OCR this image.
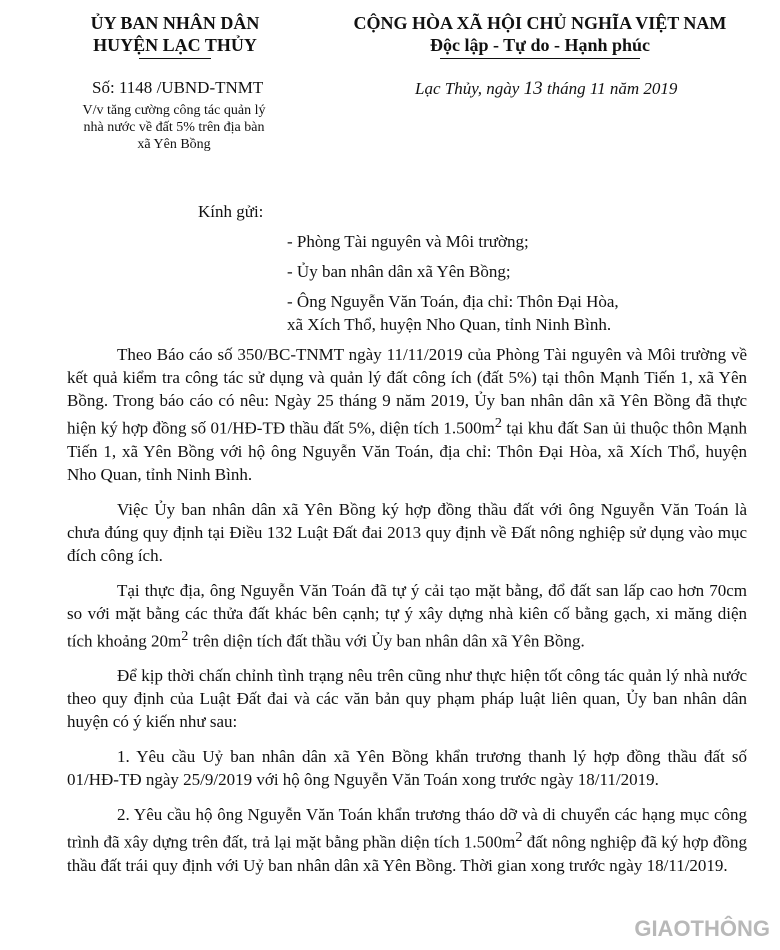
ỦY BAN NHÂN DÂN
HUYỆN LẠC THỦY
CỘNG HÒA XÃ HỘI CHỦ NGHĨA VIỆT NAM
Độc lập - Tự do - Hạnh phúc
Số: 1148 /UBND-TNMT
V/v tăng cường công tác quản lý
nhà nước về đất 5% trên địa bàn
xã Yên Bồng
Lạc Thủy, ngày 13 tháng 11 năm 2019
Kính gửi:
- Phòng Tài nguyên và Môi trường;
- Ủy ban nhân dân xã Yên Bồng;
- Ông Nguyễn Văn Toán, địa chỉ: Thôn Đại Hòa,
xã Xích Thổ, huyện Nho Quan, tỉnh Ninh Bình.

Theo Báo cáo số 350/BC-TNMT ngày 11/11/2019 của Phòng Tài nguyên và Môi trường về kết quả kiểm tra công tác sử dụng và quản lý đất công ích (đất 5%) tại thôn Mạnh Tiến 1, xã Yên Bồng. Trong báo cáo có nêu: Ngày 25 tháng 9 năm 2019, Ủy ban nhân dân xã Yên Bồng đã thực hiện ký hợp đồng số 01/HĐ-TĐ thầu đất 5%, diện tích $1.500m^2$ tại khu đất San ủi thuộc thôn Mạnh Tiến 1, xã Yên Bồng với hộ ông Nguyễn Văn Toán, địa chỉ: Thôn Đại Hòa, xã Xích Thổ, huyện Nho Quan, tỉnh Ninh Bình.

Việc Ủy ban nhân dân xã Yên Bồng ký hợp đồng thầu đất với ông Nguyễn Văn Toán là chưa đúng quy định tại Điều 132 Luật Đất đai 2013 quy định về Đất nông nghiệp sử dụng vào mục đích công ích.

Tại thực địa, ông Nguyễn Văn Toán đã tự ý cải tạo mặt bằng, đổ đất san lấp cao hơn 70cm so với mặt bằng các thửa đất khác bên cạnh; tự ý xây dựng nhà kiên cố bằng gạch, xi măng diện tích khoảng $20m^2$ trên diện tích đất thầu với Ủy ban nhân dân xã Yên Bồng.

Để kịp thời chấn chỉnh tình trạng nêu trên cũng như thực hiện tốt công tác quản lý nhà nước theo quy định của Luật Đất đai và các văn bản quy phạm pháp luật liên quan, Ủy ban nhân dân huyện có ý kiến như sau:

1. Yêu cầu Uỷ ban nhân dân xã Yên Bồng khẩn trương thanh lý hợp đồng thầu đất số 01/HĐ-TĐ ngày 25/9/2019 với hộ ông Nguyễn Văn Toán xong trước ngày 18/11/2019.

2. Yêu cầu hộ ông Nguyễn Văn Toán khẩn trương tháo dỡ và di chuyển các hạng mục công trình đã xây dựng trên đất, trả lại mặt bằng phần diện tích $1.500m^2$ đất nông nghiệp đã ký hợp đồng thầu đất trái quy định với Uỷ ban nhân dân xã Yên Bồng. Thời gian xong trước ngày 18/11/2019.

GIAOTHÔNG
